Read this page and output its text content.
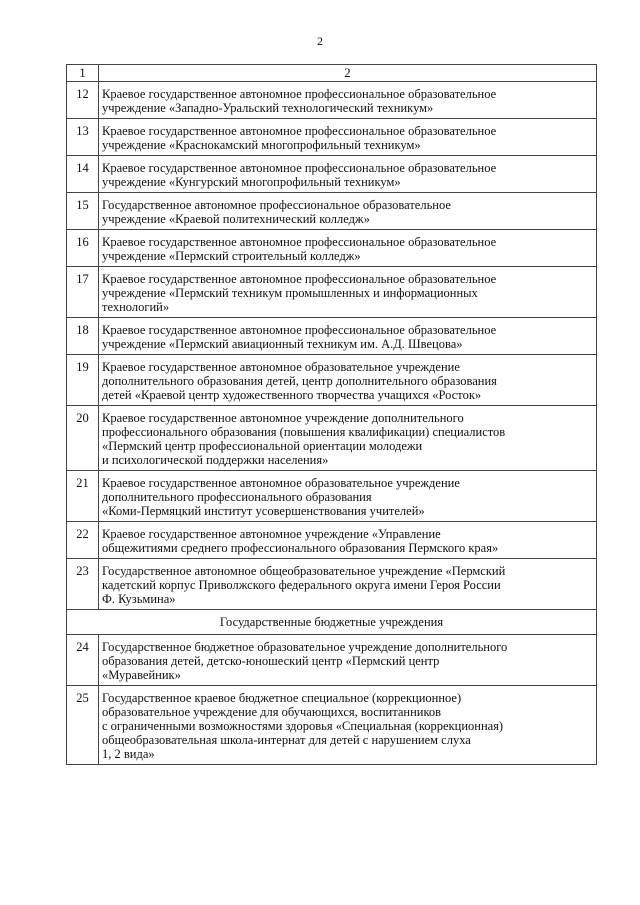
2
1	2
12	Краевое государственное автономное профессиональное образовательное
учреждение «Западно-Уральский технологический техникум»
13	Краевое государственное автономное профессиональное образовательное
учреждение «Краснокамский многопрофильный техникум»
14	Краевое государственное автономное профессиональное образовательное
учреждение «Кунгурский многопрофильный техникум»
15	Государственное автономное профессиональное образовательное
учреждение «Краевой политехнический колледж»
16	Краевое государственное автономное профессиональное образовательное
учреждение «Пермский строительный колледж»
17	Краевое государственное автономное профессиональное образовательное
учреждение «Пермский техникум промышленных и информационных
технологий»
18	Краевое государственное автономное профессиональное образовательное
учреждение «Пермский авиационный техникум им. А.Д. Швецова»
19	Краевое государственное автономное образовательное учреждение
дополнительного образования детей, центр дополнительного образования
детей «Краевой центр художественного творчества учащихся «Росток»
20	Краевое государственное автономное учреждение дополнительного
профессионального образования (повышения квалификации) специалистов
«Пермский центр профессиональной ориентации молодежи
и психологической поддержки населения»
21	Краевое государственное автономное образовательное учреждение
дополнительного профессионального образования
«Коми-Пермяцкий институт усовершенствования учителей»
22	Краевое государственное автономное учреждение «Управление
общежитиями среднего профессионального образования Пермского края»
23	Государственное автономное общеобразовательное учреждение «Пермский
кадетский корпус Приволжского федерального округа имени Героя России
Ф. Кузьмина»
Государственные бюджетные учреждения	
24	Государственное бюджетное образовательное учреждение дополнительного
образования детей, детско-юношеский центр «Пермский центр
«Муравейник»
25	Государственное краевое бюджетное специальное (коррекционное)
образовательное учреждение для обучающихся, воспитанников
с ограниченными возможностями здоровья «Специальная (коррекционная)
общеобразовательная школа-интернат для детей с нарушением слуха
1, 2 вида»
